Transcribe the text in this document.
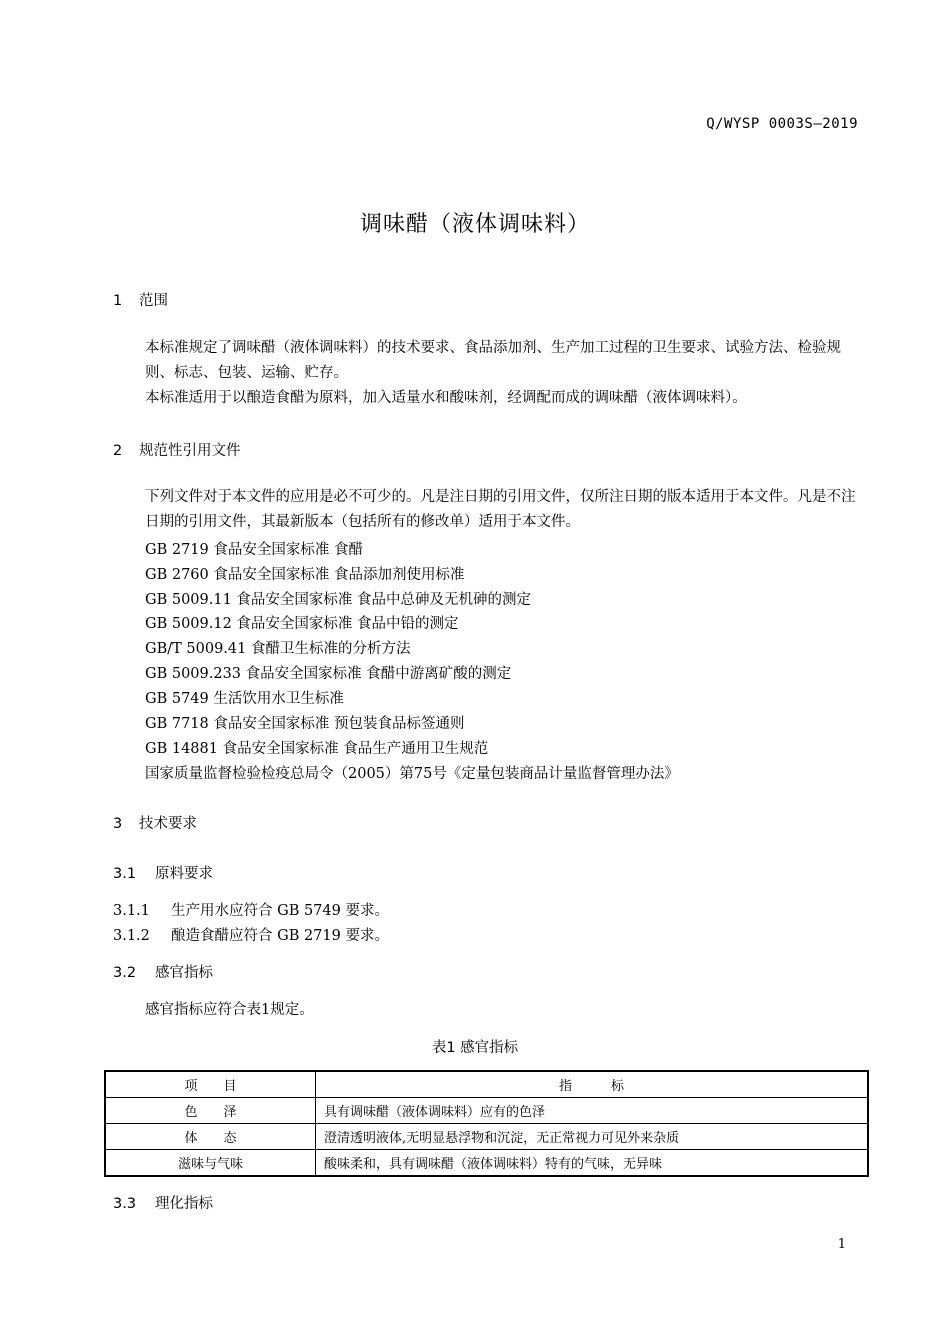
Q/WYSP 0003S—2019
调味醋（液体调味料）
1 范围
本标准规定了调味醋（液体调味料）的技术要求、食品添加剂、生产加工过程的卫生要求、试验方法、检验规则、标志、包装、运输、贮存。
本标准适用于以酿造食醋为原料，加入适量水和酸味剂，经调配而成的调味醋（液体调味料）。
2 规范性引用文件
下列文件对于本文件的应用是必不可少的。凡是注日期的引用文件，仅所注日期的版本适用于本文件。凡是不注日期的引用文件，其最新版本（包括所有的修改单）适用于本文件。
GB 2719 食品安全国家标准 食醋
GB 2760 食品安全国家标准 食品添加剂使用标准
GB 5009.11 食品安全国家标准 食品中总砷及无机砷的测定
GB 5009.12 食品安全国家标准 食品中铅的测定
GB/T 5009.41 食醋卫生标准的分析方法
GB 5009.233 食品安全国家标准 食醋中游离矿酸的测定
GB 5749 生活饮用水卫生标准
GB 7718 食品安全国家标准 预包装食品标签通则
GB 14881 食品安全国家标准 食品生产通用卫生规范
国家质量监督检验检疫总局令（2005）第75号《定量包装商品计量监督管理办法》
3 技术要求
3.1 原料要求
3.1.1 生产用水应符合 GB 5749 要求。
3.1.2 酿造食醋应符合 GB 2719 要求。
3.2 感官指标
感官指标应符合表1规定。
表1 感官指标
项　　目	指　　　标
色　　泽	具有调味醋（液体调味料）应有的色泽
体　　态	澄清透明液体,无明显悬浮物和沉淀，无正常视力可见外来杂质
滋味与气味	酸味柔和，具有调味醋（液体调味料）特有的气味，无异味
3.3 理化指标
1
